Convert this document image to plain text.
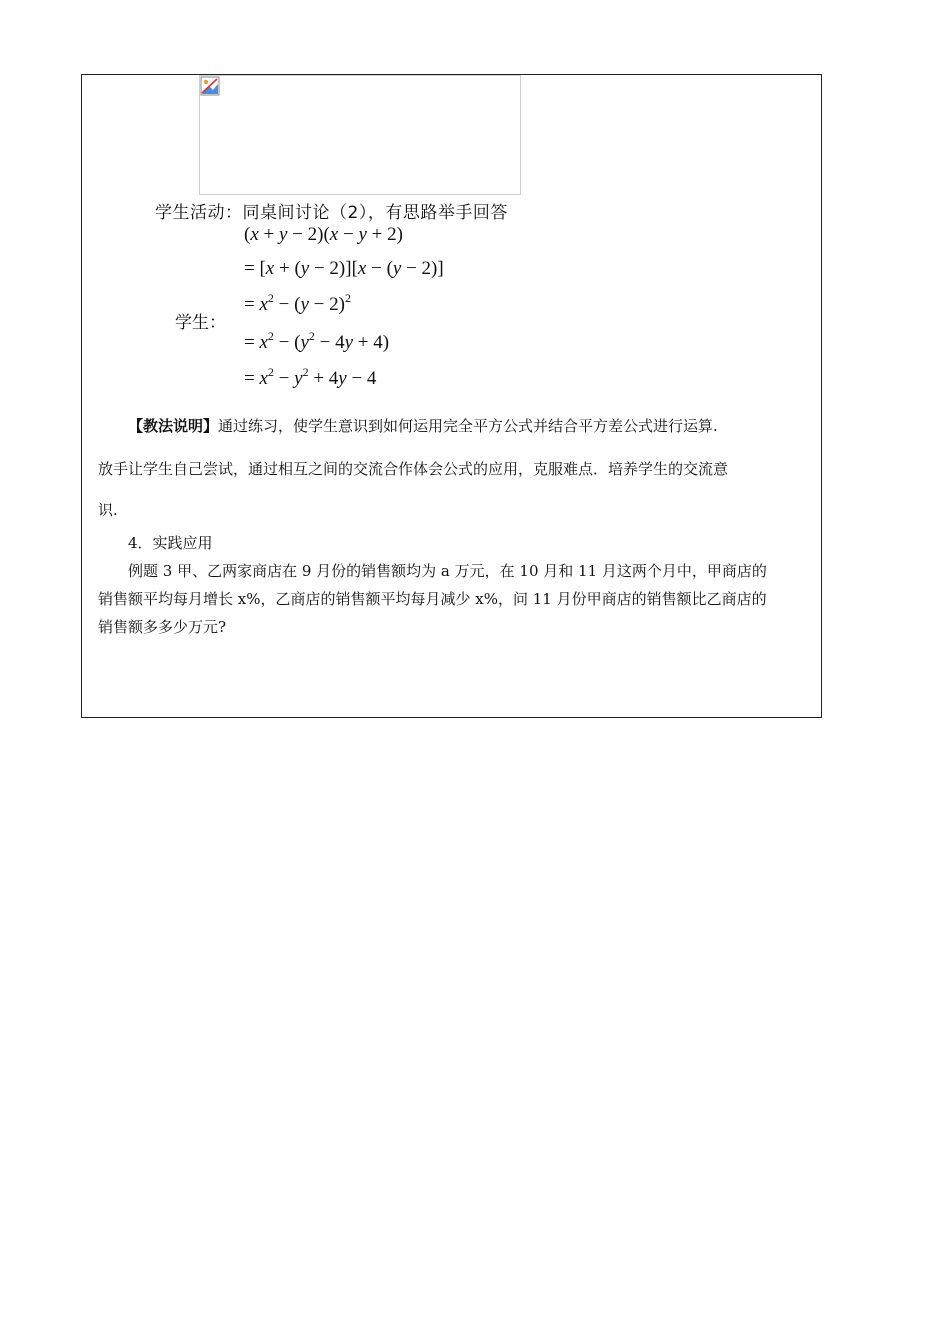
学生活动：同桌间讨论（2），有思路举手回答
学生：
(x + y − 2)(x − y + 2)
= [x + (y − 2)][x − (y − 2)]
= $x^2 - (y - 2)^2$
= $x^2 - (y^2 - 4y + 4)$
= $x^2 - y^2 + 4y - 4$
【教法说明】通过练习，使学生意识到如何运用完全平方公式并结合平方差公式进行运算.
放手让学生自己尝试，通过相互之间的交流合作体会公式的应用，克服难点．培养学生的交流意
识.
4．实践应用
例题 3 甲、乙两家商店在 9 月份的销售额均为 a 万元，在 10 月和 11 月这两个月中，甲商店的
销售额平均每月增长 x%，乙商店的销售额平均每月减少 x%，问 11 月份甲商店的销售额比乙商店的
销售额多多少万元?
